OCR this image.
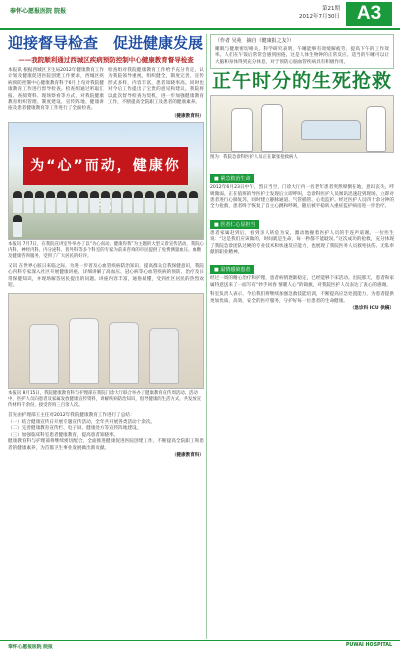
奉怀心愿报医院 院报	第21期
2012年7月30日 A3
迎接督导检查　促进健康发展
——我院顺利通过西城区疾病预防控制中心健康教育督导检查
本报讯 根据西城区卫生局2012年健康教育工作计划及健康促进医院创建工作要求，西城区疾病预防控制中心健康教育科于6月上旬对我院健康教育工作进行督导检查。检查组通过听取汇报、查阅资料、现场察看等方式，对我院健康教育组织管理、制度建设、宣传阵地、健康讲座及患者健康教育等工作进行了全面检查。
检查组对我院健康教育工作给予充分肯定，认为我院领导重视，组织健全，制度完善，宣传形式多样，内容丰富，患者知晓率高。同时也对今后工作提出了宝贵的意见和建议。我院将以此次督导检查为契机，进一步加强健康教育工作，不断提高全院职工及患者的健康素养。
（健康教育科）
为“心”而动，健康你
本报讯 7月7日，在我院宣讲室外举办了以“为心而动、健康你我”为主题的大型义诊宣传活动，我院心内科、神经内科、内分泌科、普外科等多个科室的专家为前来咨询的市民提供了免费测量血压、血糖及健康咨询服务，受到了广大居民的好评。
又讯 在世界心脏日来临之际，为进一步普及心血管疾病防治知识，提高群众自我保健意识，我院心内科专家深入社区开展健康讲座，详细讲解了高血压、冠心病等心血管疾病的预防、治疗及日常保健知识，并现场解答居民提出的问题。讲座内容丰富，通俗易懂，受到社区居民的热烈欢迎。
本报讯 8月15日，我院健康教育科与护理部在我院门诊大厅联合举办了健康教育宣传周活动。活动中，医护人员向患者及家属发放健康宣传资料，讲解疾病防治知识，倡导健康的生活方式，共发放宣传材料千余份，接受咨询三百余人次。
首先由护理部王主任对2012年我院健康教育工作进行了总结：
（一）结合健康宣传日开展专题宣传活动，全年共开展各类活动十余次。
（二）完善健康教育宣传栏、电子屏、健康处方等宣传阵地建设。
（三）加强临床科室患者健康教育，提高患者知晓率。
健康教育科与护理部将继续密切配合，全面推进健康促进医院创建工作，不断提高全院职工和患者的健康素养，为首都卫生事业发展做出新贡献。
（健康教育科）
（作者 吴苑　摘自《健康报之友》）
睡眠与健康密切相关，科学研究表明，午睡能够有效缓解疲劳、提高下午的工作效率。人们在午饭后常常会感到困倦，这是人体生物钟的正常反应。适当的午睡可以让大脑和身体得到充分休息，对于预防心脑血管疾病具有积极作用。
正午时分的生死抢救
图为：我院急诊科医护人员正在紧张抢救病人
■ 紧急救治生命
2012年6月23日中午，烈日当空，门诊大厅内一名老年患者突然晕倒在地，意识丧失，呼吸微弱。正在值班的导医护士发现后立即呼叫，急诊科医护人员闻讯迅速赶到现场，立即对患者进行心肺复苏，同时建立静脉通道、气管插管、心电监护。经过医护人员四十余分钟的全力抢救，患者终于恢复了自主心跳和呼吸，随后被平稳转入重症监护病房进一步治疗。
■ 医者仁心显担当
患者家属赶到后，看到亲人转危为安，激动地握着医护人员的手连声道谢。一位医生说：“这是我们应该做的，时间就是生命，每一秒都不能耽误。”这次成功的抢救，充分体现了我院急诊团队过硬的专业技术和快速反应能力，也展现了我院医务人员救死扶伤、无私奉献的职业精神。
■ 温情感染患者
经过一周的精心治疗和护理，患者病情逐渐稳定，已经能够下床活动。出院那天，患者和家属特意送来了一面写有“妙手回春 情暖人心”的锦旗，对我院医护人员表达了衷心的感谢。
科室负责人表示，今后我们将继续加强急救技能培训，不断提高应急处置能力，为患者提供更加优质、高效、安全的医疗服务，守护好每一位患者的生命健康。
（急诊科 ICU 供稿）
奉怀心愿报医院 院报	PUWAI HOSPITAL
